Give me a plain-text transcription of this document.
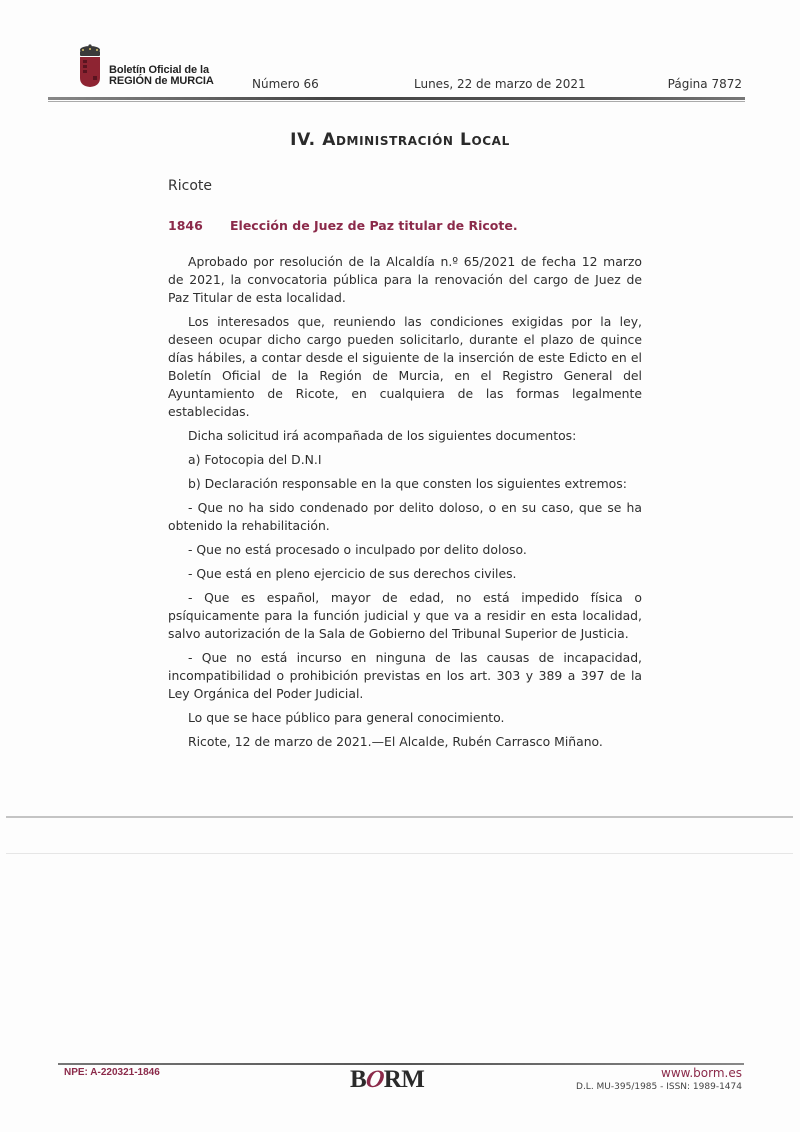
Boletín Oficial de la
REGIÓN de MURCIA	Número 66	Lunes, 22 de marzo de 2021	Página 7872
IV. Administración Local
Ricote
1846 Elección de Juez de Paz titular de Ricote.

Aprobado por resolución de la Alcaldía n.º 65/2021 de fecha 12 marzo de 2021, la convocatoria pública para la renovación del cargo de Juez de Paz Titular de esta localidad.

Los interesados que, reuniendo las condiciones exigidas por la ley, deseen ocupar dicho cargo pueden solicitarlo, durante el plazo de quince días hábiles, a contar desde el siguiente de la inserción de este Edicto en el Boletín Oficial de la Región de Murcia, en el Registro General del Ayuntamiento de Ricote, en cualquiera de las formas legalmente establecidas.

Dicha solicitud irá acompañada de los siguientes documentos:

a) Fotocopia del D.N.I

b) Declaración responsable en la que consten los siguientes extremos:

- Que no ha sido condenado por delito doloso, o en su caso, que se ha obtenido la rehabilitación.

- Que no está procesado o inculpado por delito doloso.

- Que está en pleno ejercicio de sus derechos civiles.

- Que es español, mayor de edad, no está impedido física o psíquicamente para la función judicial y que va a residir en esta localidad, salvo autorización de la Sala de Gobierno del Tribunal Superior de Justicia.

- Que no está incurso en ninguna de las causas de incapacidad, incompatibilidad o prohibición previstas en los art. 303 y 389 a 397 de la Ley Orgánica del Poder Judicial.

Lo que se hace público para general conocimiento.

Ricote, 12 de marzo de 2021.—El Alcalde, Rubén Carrasco Miñano.

NPE: A-220321-1846	BORM	www.borm.es
D.L. MU-395/1985 - ISSN: 1989-1474
